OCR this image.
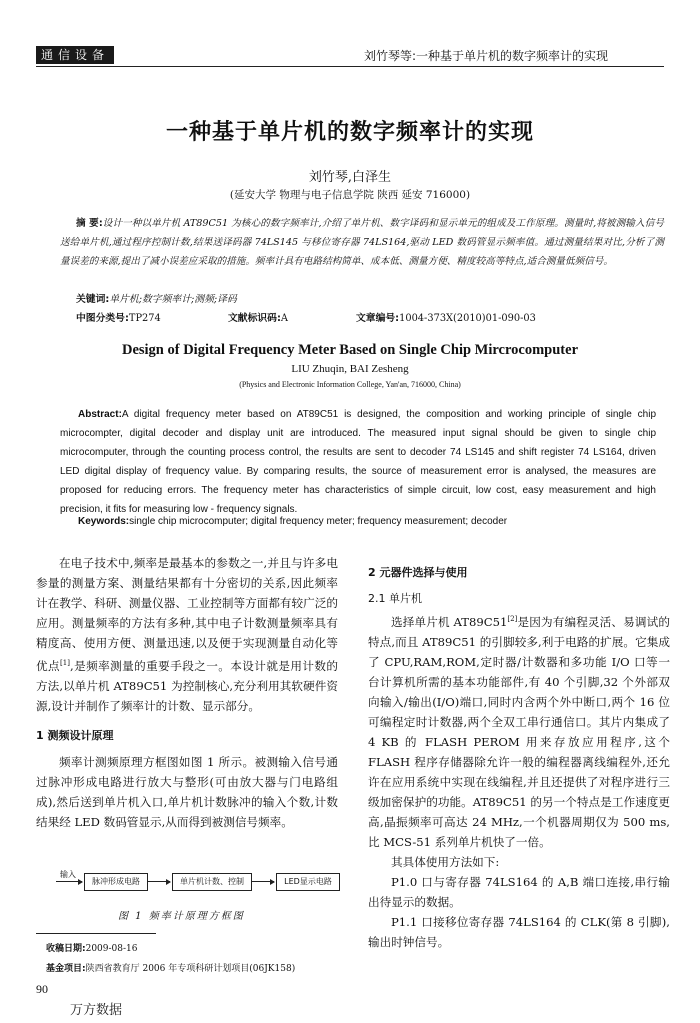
通信设备	刘竹琴等:一种基于单片机的数字频率计的实现
一种基于单片机的数字频率计的实现
刘竹琴,白泽生
(延安大学 物理与电子信息学院 陕西 延安 716000)
摘 要:设计一种以单片机 AT89C51 为核心的数字频率计,介绍了单片机、数字译码和显示单元的组成及工作原理。测量时,将被测输入信号送给单片机,通过程序控制计数,结果送译码器 74LS145 与移位寄存器 74LS164,驱动 LED 数码管显示频率值。通过测量结果对比,分析了测量误差的来源,提出了减小误差应采取的措施。频率计具有电路结构简单、成本低、测量方便、精度较高等特点,适合测量低频信号。
关键词:单片机;数字频率计;测频;译码
中图分类号:TP274	文献标识码:A	文章编号:1004-373X(2010)01-090-03
Design of Digital Frequency Meter Based on Single Chip Mircrocomputer
LIU Zhuqin, BAI Zesheng
(Physics and Electronic Information College, Yan'an, 716000, China)
Abstract:A digital frequency meter based on AT89C51 is designed, the composition and working principle of single chip microcompter, digital decoder and display unit are introduced. The measured input signal should be given to single chip microcomputer, through the counting process control, the results are sent to decoder 74 LS145 and shift register 74 LS164, driven LED digital display of frequency value. By comparing results, the source of measurement error is analysed, the measures are proposed for reducing errors. The frequency meter has characteristics of simple circuit, low cost, easy measurement and high precision, it fits for measuring low - frequency signals.
Keywords:single chip microcomputer; digital frequency meter; frequency measurement; decoder

在电子技术中,频率是最基本的参数之一,并且与许多电参量的测量方案、测量结果都有十分密切的关系,因此频率计在教学、科研、测量仪器、工业控制等方面都有较广泛的应用。测量频率的方法有多种,其中电子计数测量频率具有精度高、使用方便、测量迅速,以及便于实现测量自动化等优点[1],是频率测量的重要手段之一。本设计就是用计数的方法,以单片机 AT89C51 为控制核心,充分利用其软硬件资源,设计并制作了频率计的计数、显示部分。

1 测频设计原理

频率计测频原理方框图如图 1 所示。被测输入信号通过脉冲形成电路进行放大与整形(可由放大器与门电路组成),然后送到单片机入口,单片机计数脉冲的输入个数,计数结果经 LED 数码管显示,从而得到被测信号频率。

输入
脉冲形成电路	单片机计数、控制	LED显示电路
图 1 频率计原理方框图
2 元器件选择与使用
2.1 单片机

选择单片机 AT89C51[2]是因为有编程灵活、易调试的特点,而且 AT89C51 的引脚较多,利于电路的扩展。它集成了 CPU,RAM,ROM,定时器/计数器和多功能 I/O 口等一台计算机所需的基本功能部件,有 40 个引脚,32 个外部双向输入/输出(I/O)端口,同时内含两个外中断口,两个 16 位可编程定时计数器,两个全双工串行通信口。其片内集成了 4 KB 的 FLASH PEROM 用来存放应用程序,这个 FLASH 程序存储器除允许一般的编程器离线编程外,还允许在应用系统中实现在线编程,并且还提供了对程序进行三级加密保护的功能。AT89C51 的另一个特点是工作速度更高,晶振频率可高达 24 MHz,一个机器周期仅为 500 ms,比 MCS-51 系列单片机快了一倍。

其具体使用方法如下:

P1.0 口与寄存器 74LS164 的 A,B 端口连接,串行输出待显示的数据。

P1.1 口接移位寄存器 74LS164 的 CLK(第 8 引脚),输出时钟信号。

收稿日期:2009-08-16
基金项目:陕西省教育厅 2006 年专项科研计划项目(06JK158)
90
万方数据
